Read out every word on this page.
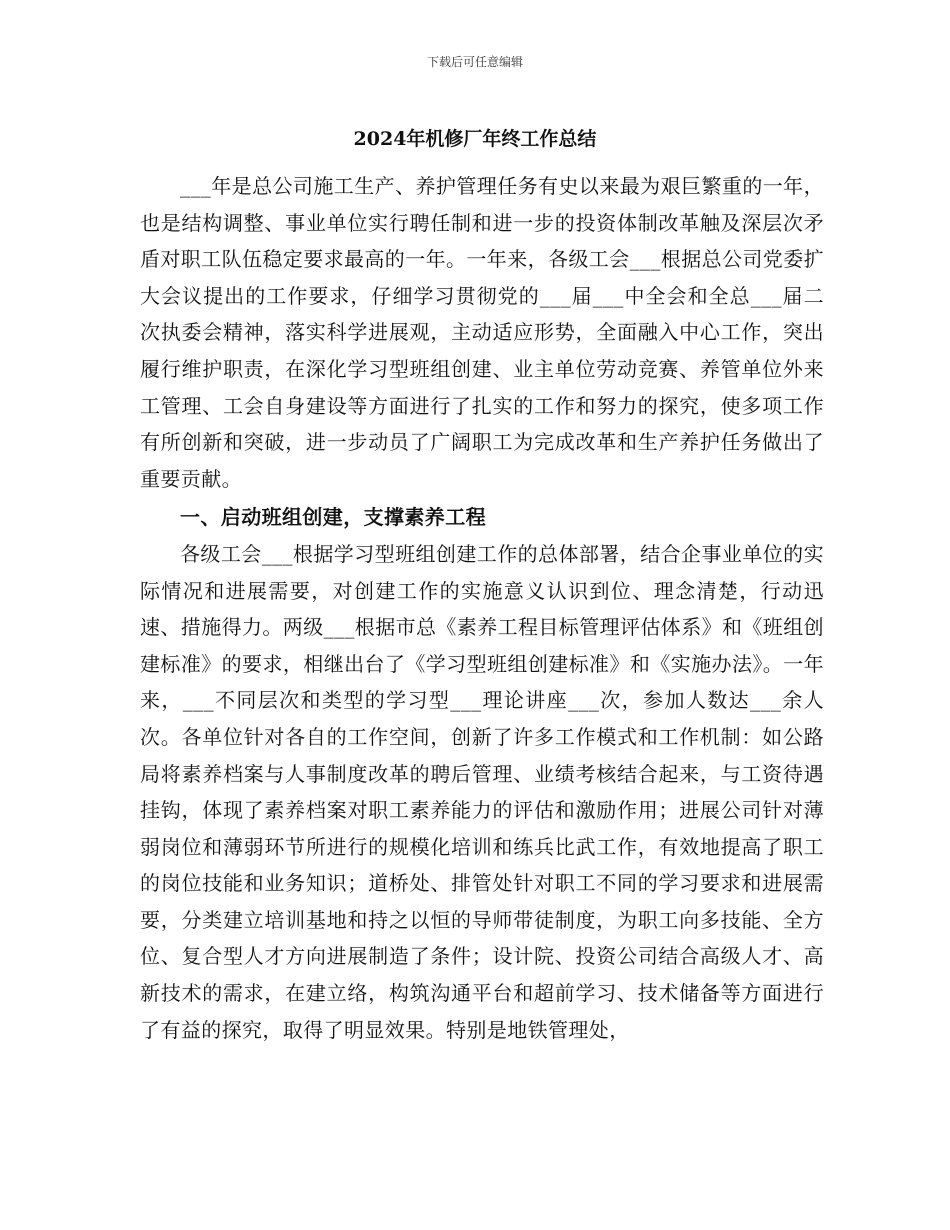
下载后可任意编辑
2024年机修厂年终工作总结

___年是总公司施工生产、养护管理任务有史以来最为艰巨繁重的一年，也是结构调整、事业单位实行聘任制和进一步的投资体制改革触及深层次矛盾对职工队伍稳定要求最高的一年。一年来，各级工会___根据总公司党委扩大会议提出的工作要求，仔细学习贯彻党的___届___中全会和全总___届二次执委会精神，落实科学进展观，主动适应形势，全面融入中心工作，突出履行维护职责，在深化学习型班组创建、业主单位劳动竞赛、养管单位外来工管理、工会自身建设等方面进行了扎实的工作和努力的探究，使多项工作有所创新和突破，进一步动员了广阔职工为完成改革和生产养护任务做出了重要贡献。

一、启动班组创建，支撑素养工程

各级工会___根据学习型班组创建工作的总体部署，结合企事业单位的实际情况和进展需要，对创建工作的实施意义认识到位、理念清楚，行动迅速、措施得力。两级___根据市总《素养工程目标管理评估体系》和《班组创建标准》的要求，相继出台了《学习型班组创建标准》和《实施办法》。一年来，___不同层次和类型的学习型___理论讲座___次，参加人数达___余人次。各单位针对各自的工作空间，创新了许多工作模式和工作机制：如公路局将素养档案与人事制度改革的聘后管理、业绩考核结合起来，与工资待遇挂钩，体现了素养档案对职工素养能力的评估和激励作用；进展公司针对薄弱岗位和薄弱环节所进行的规模化培训和练兵比武工作，有效地提高了职工的岗位技能和业务知识；道桥处、排管处针对职工不同的学习要求和进展需要，分类建立培训基地和持之以恒的导师带徒制度，为职工向多技能、全方位、复合型人才方向进展制造了条件；设计院、投资公司结合高级人才、高新技术的需求，在建立络，构筑沟通平台和超前学习、技术储备等方面进行了有益的探究，取得了明显效果。特别是地铁管理处，
